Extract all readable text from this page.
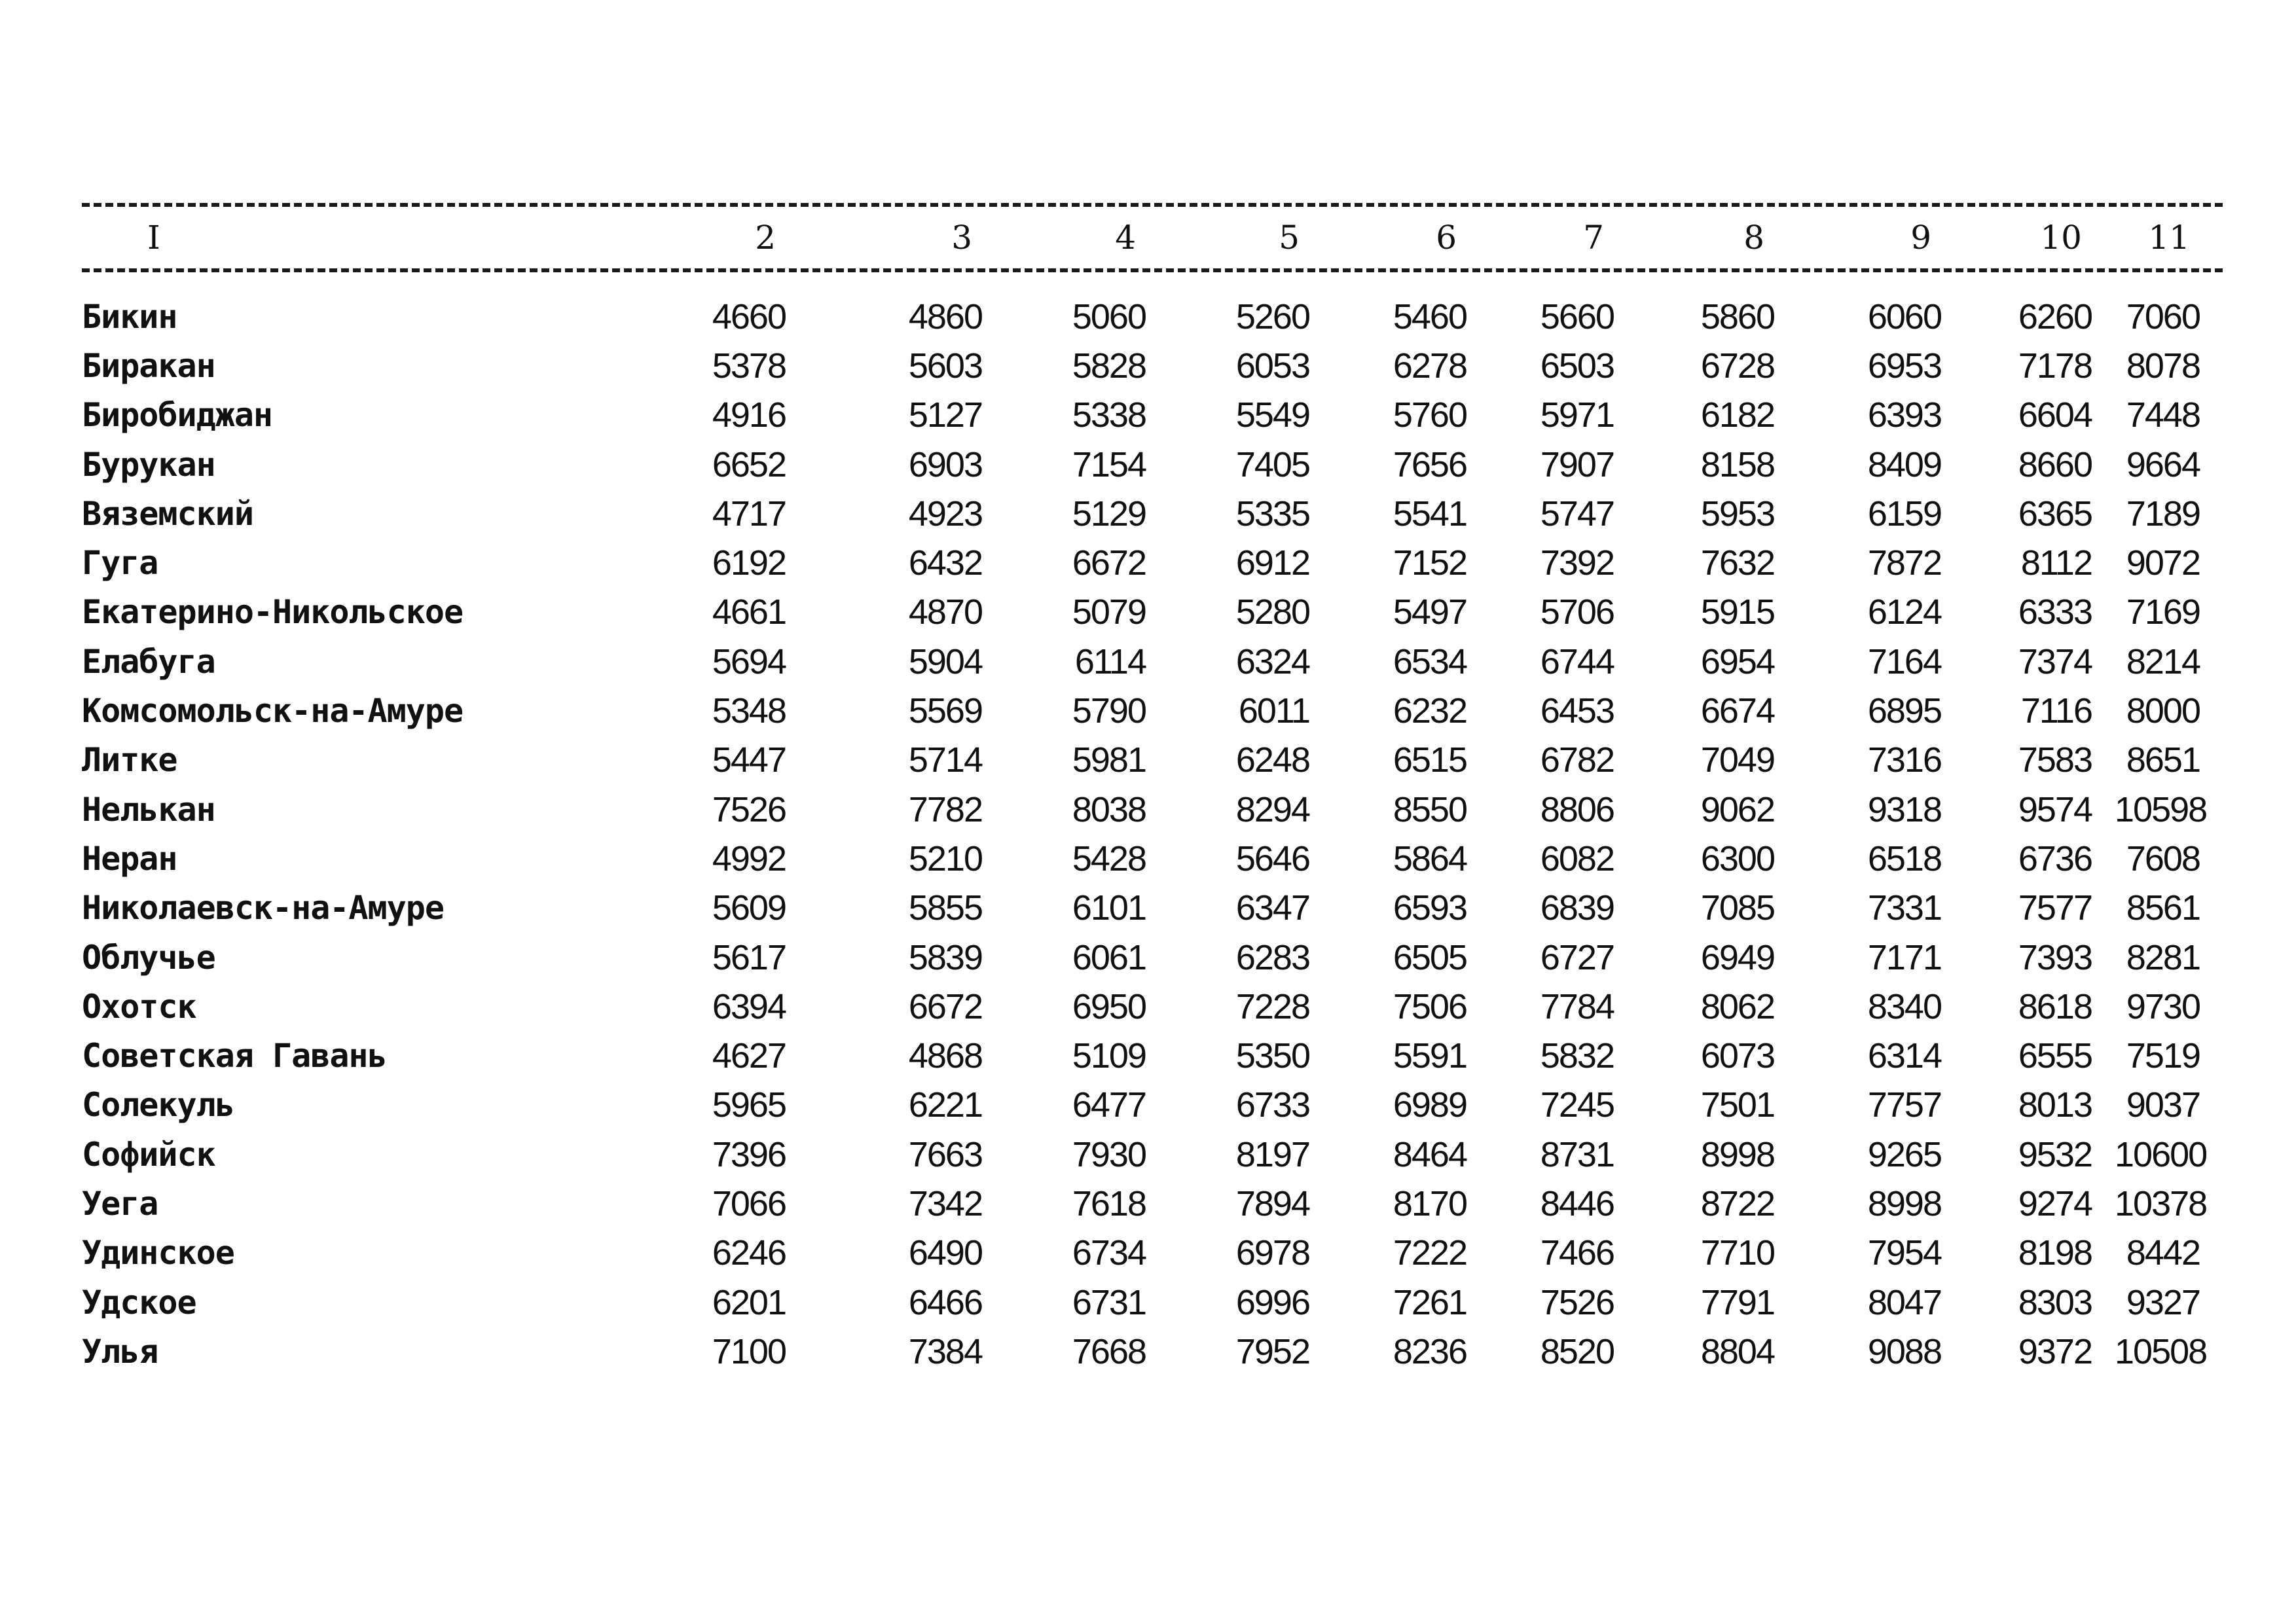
I	2	3	4	5	6	7	8	9	10	11

Бикин	4660	4860	5060	5260	5460	5660	5860	6060	6260	7060
Биракан	5378	5603	5828	6053	6278	6503	6728	6953	7178	8078
Биробиджан	4916	5127	5338	5549	5760	5971	6182	6393	6604	7448
Бурукан	6652	6903	7154	7405	7656	7907	8158	8409	8660	9664
Вяземский	4717	4923	5129	5335	5541	5747	5953	6159	6365	7189
Гуга	6192	6432	6672	6912	7152	7392	7632	7872	8112	9072
Екатерино-Никольское	4661	4870	5079	5280	5497	5706	5915	6124	6333	7169
Елабуга	5694	5904	6114	6324	6534	6744	6954	7164	7374	8214
Комсомольск-на-Амуре	5348	5569	5790	6011	6232	6453	6674	6895	7116	8000
Литке	5447	5714	5981	6248	6515	6782	7049	7316	7583	8651
Нелькан	7526	7782	8038	8294	8550	8806	9062	9318	9574	10598
Неран	4992	5210	5428	5646	5864	6082	6300	6518	6736	7608
Николаевск-на-Амуре	5609	5855	6101	6347	6593	6839	7085	7331	7577	8561
Облучье	5617	5839	6061	6283	6505	6727	6949	7171	7393	8281
Охотск	6394	6672	6950	7228	7506	7784	8062	8340	8618	9730
Советская Гавань	4627	4868	5109	5350	5591	5832	6073	6314	6555	7519
Солекуль	5965	6221	6477	6733	6989	7245	7501	7757	8013	9037
Софийск	7396	7663	7930	8197	8464	8731	8998	9265	9532	10600
Уега	7066	7342	7618	7894	8170	8446	8722	8998	9274	10378
Удинское	6246	6490	6734	6978	7222	7466	7710	7954	8198	8442
Удское	6201	6466	6731	6996	7261	7526	7791	8047	8303	9327
Улья	7100	7384	7668	7952	8236	8520	8804	9088	9372	10508
